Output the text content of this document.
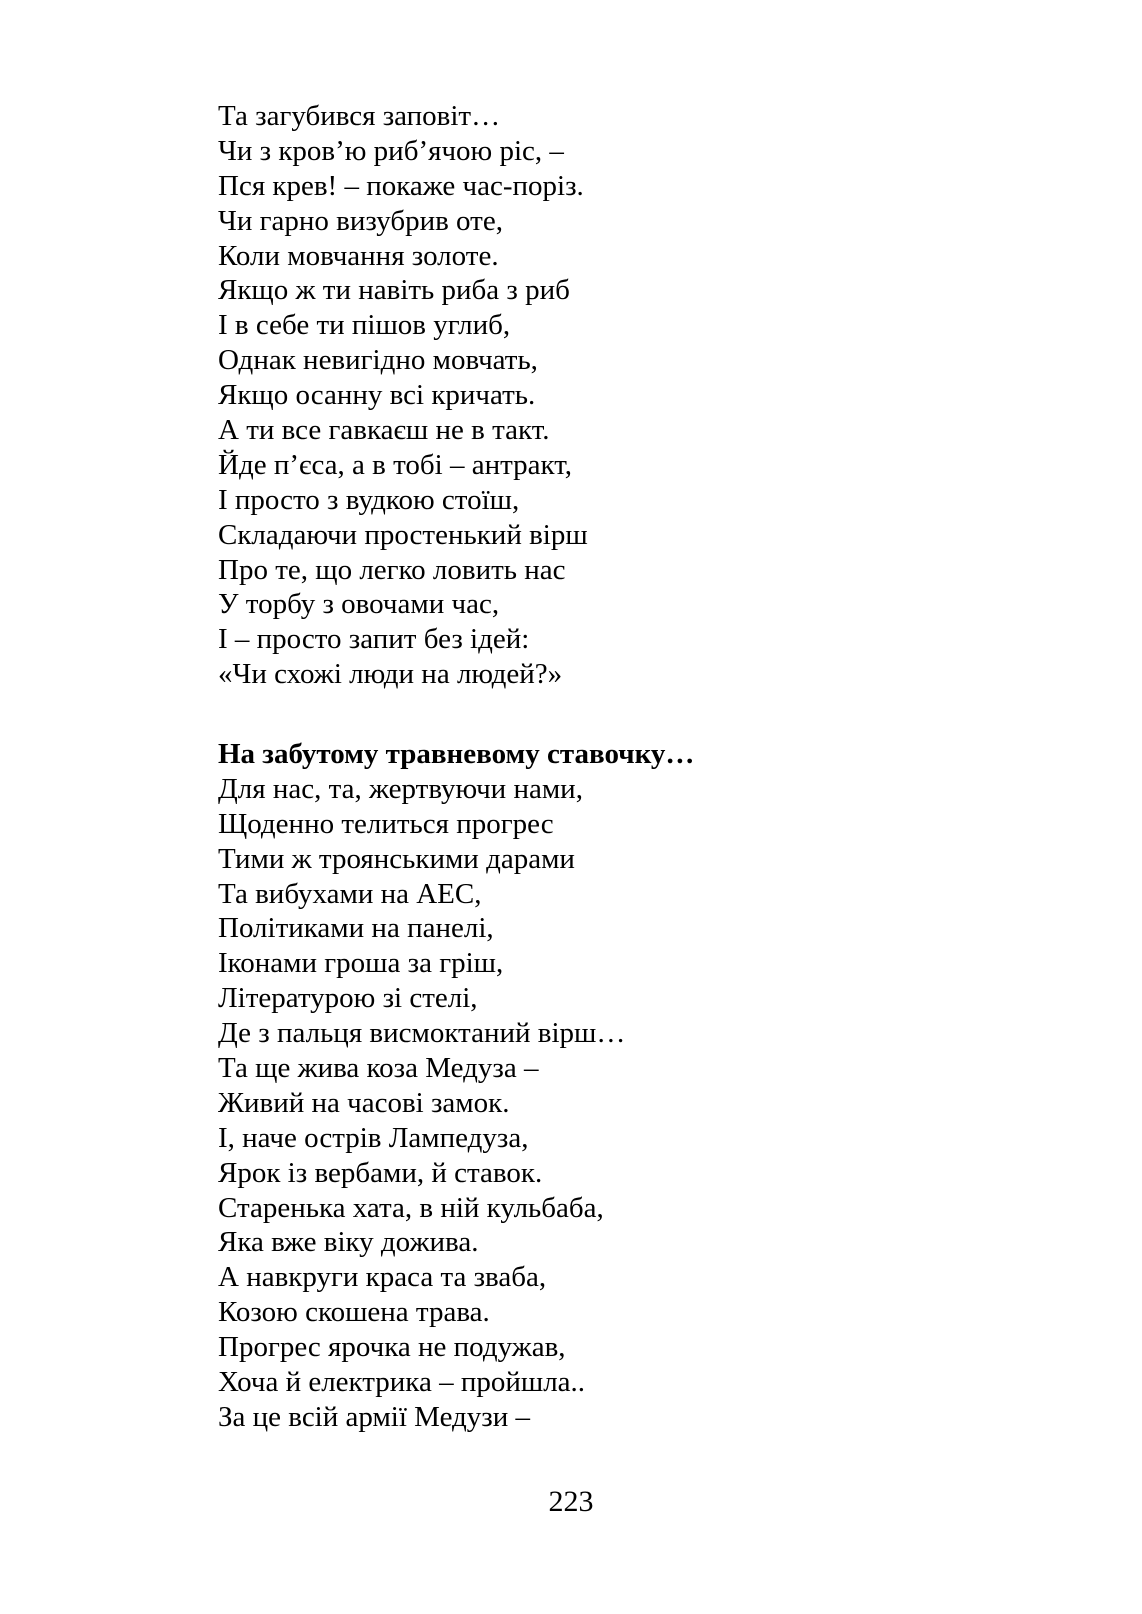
Та загубився заповіт…
Чи з кров’ю риб’ячою ріс, –
Пся крев! – покаже час-поріз.
Чи гарно визубрив оте,
Коли мовчання золоте.
Якщо ж ти навіть риба з риб
І в себе ти пішов углиб,
Однак невигідно мовчать,
Якщо осанну всі кричать.
А ти все гавкаєш не в такт.
Йде п’єса, а в тобі – антракт,
І просто з вудкою стоїш,
Складаючи простенький вірш
Про те, що легко ловить нас
У торбу з овочами час,
І – просто запит без ідей:
«Чи схожі люди на людей?»
На забутому травневому ставочку…
Для нас, та, жертвуючи нами,
Щоденно телиться прогрес
Тими ж троянськими дарами
Та вибухами на АЕС,
Політиками на панелі,
Іконами гроша за гріш,
Літературою зі стелі,
Де з пальця висмоктаний вірш…
Та ще жива коза Медуза –
Живий на часові замок.
І, наче острів Лампедуза,
Ярок із вербами, й ставок.
Старенька хата, в ній кульбаба,
Яка вже віку дожива.
А навкруги краса та зваба,
Козою скошена трава.
Прогрес ярочка не подужав,
Хоча й електрика – пройшла..
За це всій армії Медузи –
223
